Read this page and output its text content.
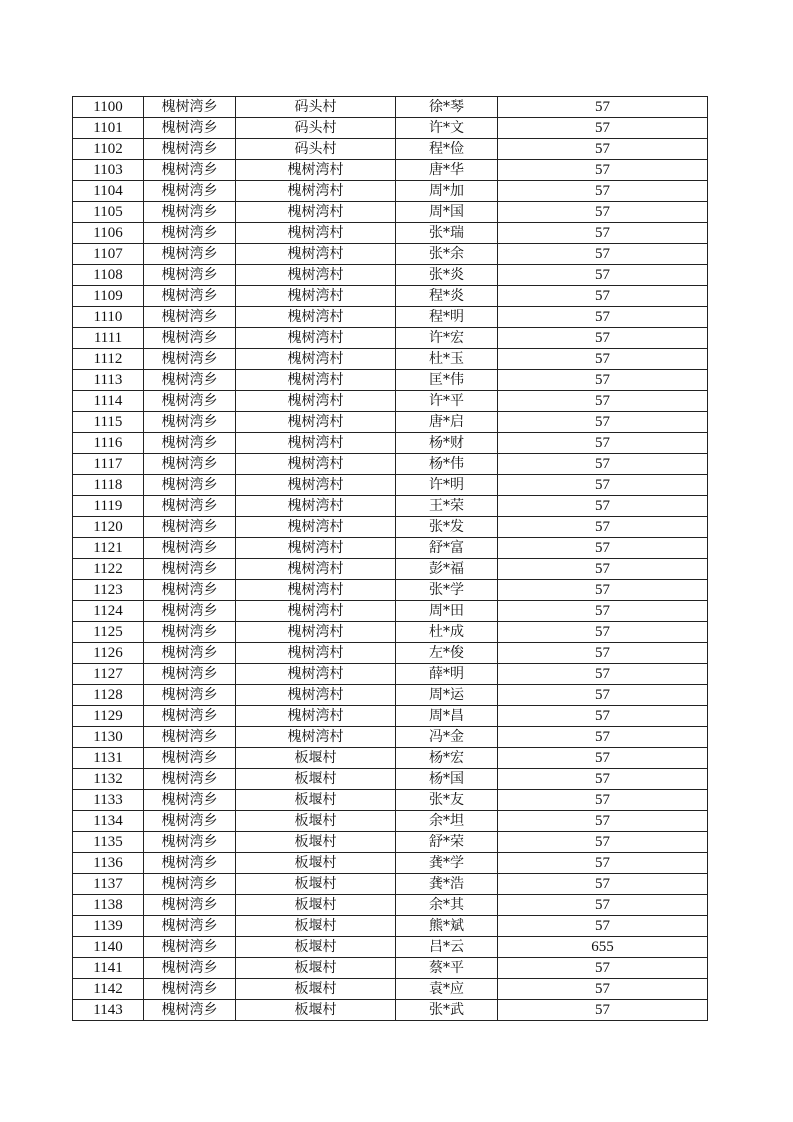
1100	槐树湾乡	码头村	徐*琴	57
1101	槐树湾乡	码头村	许*文	57
1102	槐树湾乡	码头村	程*俭	57
1103	槐树湾乡	槐树湾村	唐*华	57
1104	槐树湾乡	槐树湾村	周*加	57
1105	槐树湾乡	槐树湾村	周*国	57
1106	槐树湾乡	槐树湾村	张*瑞	57
1107	槐树湾乡	槐树湾村	张*余	57
1108	槐树湾乡	槐树湾村	张*炎	57
1109	槐树湾乡	槐树湾村	程*炎	57
1110	槐树湾乡	槐树湾村	程*明	57
1111	槐树湾乡	槐树湾村	许*宏	57
1112	槐树湾乡	槐树湾村	杜*玉	57
1113	槐树湾乡	槐树湾村	匡*伟	57
1114	槐树湾乡	槐树湾村	许*平	57
1115	槐树湾乡	槐树湾村	唐*启	57
1116	槐树湾乡	槐树湾村	杨*财	57
1117	槐树湾乡	槐树湾村	杨*伟	57
1118	槐树湾乡	槐树湾村	许*明	57
1119	槐树湾乡	槐树湾村	王*荣	57
1120	槐树湾乡	槐树湾村	张*发	57
1121	槐树湾乡	槐树湾村	舒*富	57
1122	槐树湾乡	槐树湾村	彭*福	57
1123	槐树湾乡	槐树湾村	张*学	57
1124	槐树湾乡	槐树湾村	周*田	57
1125	槐树湾乡	槐树湾村	杜*成	57
1126	槐树湾乡	槐树湾村	左*俊	57
1127	槐树湾乡	槐树湾村	薛*明	57
1128	槐树湾乡	槐树湾村	周*运	57
1129	槐树湾乡	槐树湾村	周*昌	57
1130	槐树湾乡	槐树湾村	冯*金	57
1131	槐树湾乡	板堰村	杨*宏	57
1132	槐树湾乡	板堰村	杨*国	57
1133	槐树湾乡	板堰村	张*友	57
1134	槐树湾乡	板堰村	余*坦	57
1135	槐树湾乡	板堰村	舒*荣	57
1136	槐树湾乡	板堰村	龚*学	57
1137	槐树湾乡	板堰村	龚*浩	57
1138	槐树湾乡	板堰村	余*其	57
1139	槐树湾乡	板堰村	熊*斌	57
1140	槐树湾乡	板堰村	吕*云	655
1141	槐树湾乡	板堰村	蔡*平	57
1142	槐树湾乡	板堰村	袁*应	57
1143	槐树湾乡	板堰村	张*武	57
